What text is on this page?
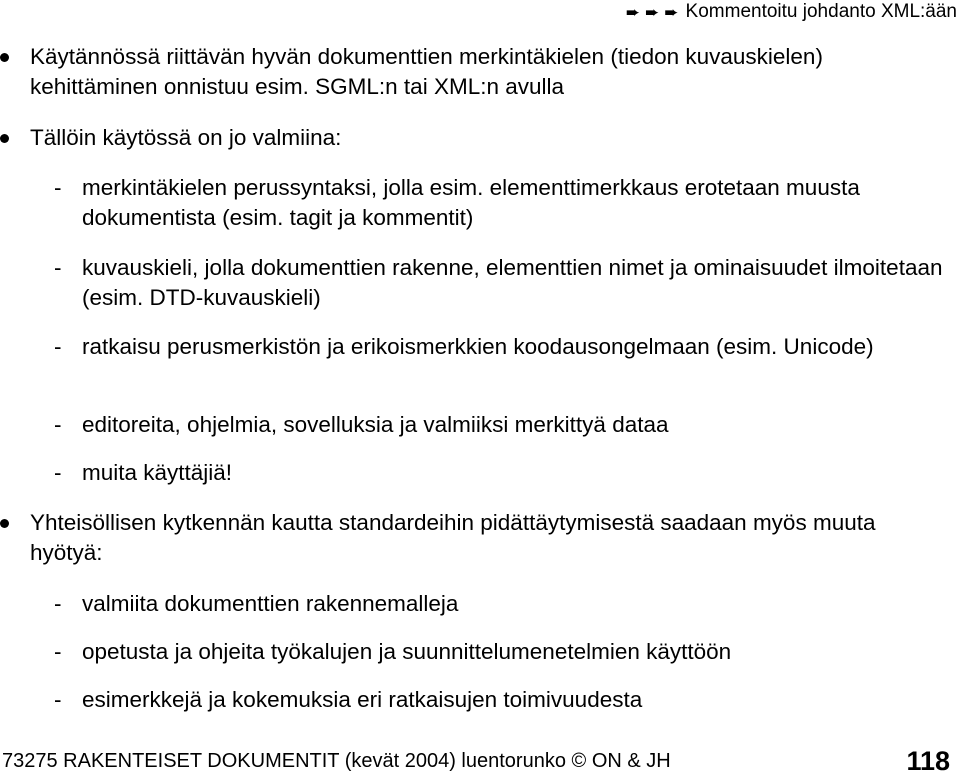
➨ ➨ ➨ Kommentoitu johdanto XML:ään
Käytännössä riittävän hyvän dokumenttien merkintäkielen (tiedon kuvauskielen) kehittäminen onnistuu esim. SGML:n tai XML:n avulla
Tällöin käytössä on jo valmiina:
- merkintäkielen perussyntaksi, jolla esim. elementtimerkkaus erotetaan muusta dokumentista (esim. tagit ja kommentit)
- kuvauskieli, jolla dokumenttien rakenne, elementtien nimet ja ominaisuudet ilmoitetaan (esim. DTD-kuvauskieli)
- ratkaisu perusmerkistön ja erikoismerkkien koodausongelmaan (esim. Unicode)
- editoreita, ohjelmia, sovelluksia ja valmiiksi merkittyä dataa
- muita käyttäjiä!
Yhteisöllisen kytkennän kautta standardeihin pidättäytymisestä saadaan myös muuta hyötyä:
- valmiita dokumenttien rakennemalleja
- opetusta ja ohjeita työkalujen ja suunnittelumenetelmien käyttöön
- esimerkkejä ja kokemuksia eri ratkaisujen toimivuudesta
73275 RAKENTEISET DOKUMENTIT (kevät 2004) luentorunko © ON & JH	118
